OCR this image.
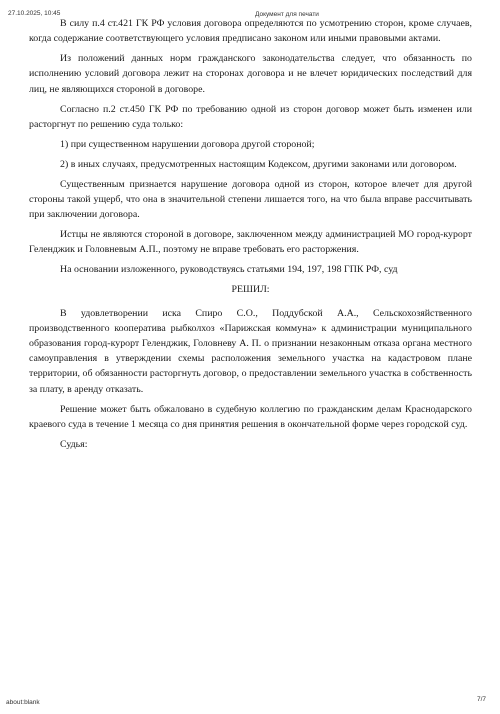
27.10.2025, 10:45	Документ для печати

В силу п.4 ст.421 ГК РФ условия договора определяются по усмотрению сторон, кроме случаев, когда содержание соответствующего условия предписано законом или иными правовыми актами.

Из положений данных норм гражданского законодательства следует, что обязанность по исполнению условий договора лежит на сторонах договора и не влечет юридических последствий для лиц, не являющихся стороной в договоре.

Согласно п.2 ст.450 ГК РФ по требованию одной из сторон договор может быть изменен или расторгнут по решению суда только:

1) при существенном нарушении договора другой стороной;

2) в иных случаях, предусмотренных настоящим Кодексом, другими законами или договором.

Существенным признается нарушение договора одной из сторон, которое влечет для другой стороны такой ущерб, что она в значительной степени лишается того, на что была вправе рассчитывать при заключении договора.

Истцы не являются стороной в договоре, заключенном между администрацией МО город-курорт Геленджик и Головневым А.П., поэтому не вправе требовать его расторжения.

На основании изложенного, руководствуясь статьями 194, 197, 198 ГПК РФ, суд

РЕШИЛ:

В удовлетворении иска Спиро С.О., Поддубской А.А., Сельскохозяйственного производственного кооператива рыбколхоз «Парижская коммуна» к администрации муниципального образования город-курорт Геленджик, Головневу А. П. о признании незаконным отказа органа местного самоуправления в утверждении схемы расположения земельного участка на кадастровом плане территории, об обязанности расторгнуть договор, о предоставлении земельного участка в собственность за плату, в аренду отказать.

Решение может быть обжаловано в судебную коллегию по гражданским делам Краснодарского краевого суда в течение 1 месяца со дня принятия решения в окончательной форме через городской суд.

Судья:

about:blank	7/7
